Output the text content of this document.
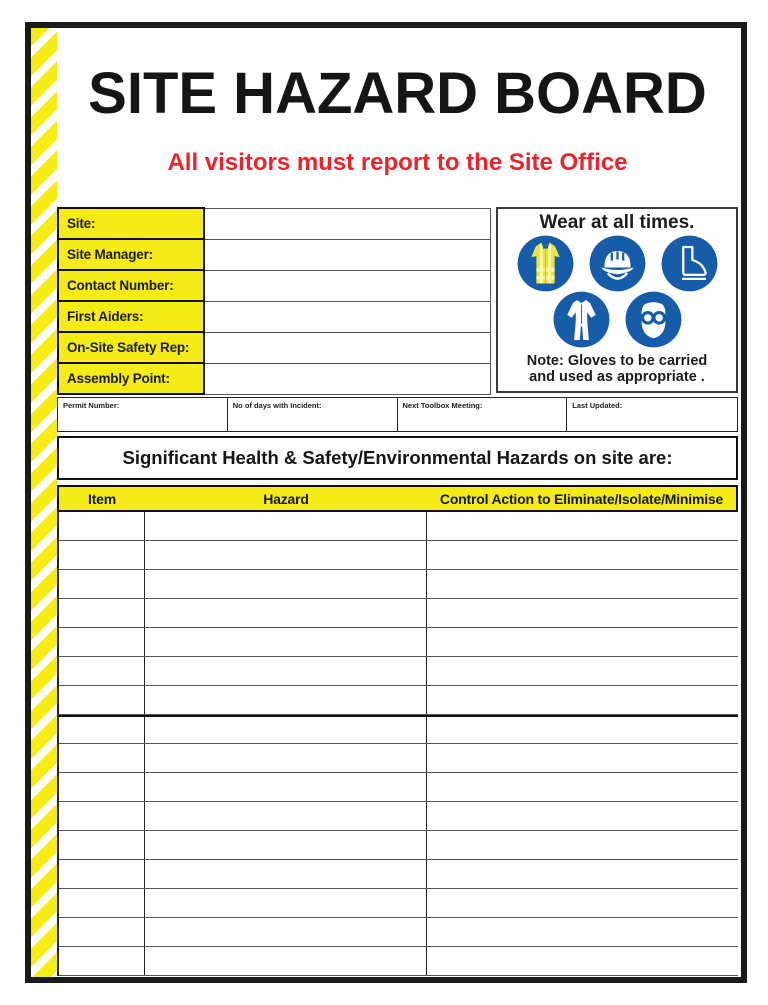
SITE HAZARD BOARD
All visitors must report to the Site Office
Site:	
Site Manager:	
Contact Number:	
First Aiders:	
On-Site Safety Rep:	
Assembly Point:	
Wear at all times.
Note: Gloves to be carried
and used as appropriate .
Permit Number:	No of days with Incident:	Next Toolbox Meeting:	Last Updated:
Significant Health & Safety/Environmental Hazards on site are:
Item	Hazard	Control Action to Eliminate/Isolate/Minimise
